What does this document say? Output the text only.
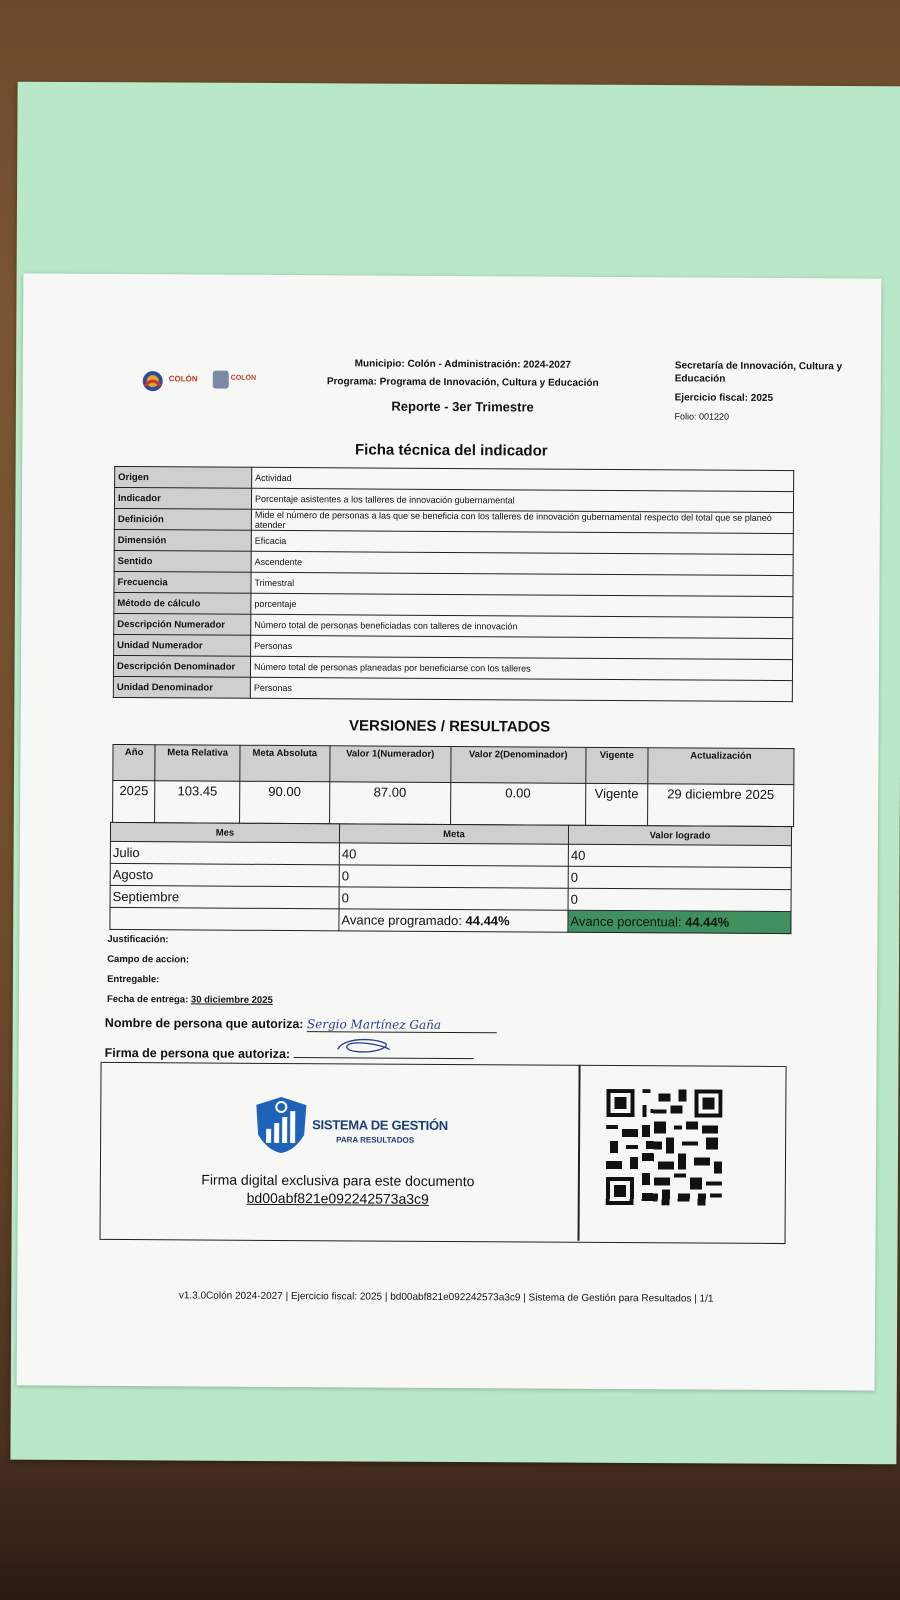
COLÓN	COLÓN
Municipio: Colón - Administración: 2024-2027
Programa: Programa de Innovación, Cultura y Educación
Reporte - 3er Trimestre
Secretaría de Innovación, Cultura y Educación
Ejercicio fiscal: 2025
Folio: 001220
Ficha técnica del indicador
Origen	Actividad
Indicador	Porcentaje asistentes a los talleres de innovación gubernamental
Definición	Mide el número de personas a las que se beneficia con los talleres de innovación gubernamental respecto del total que se planeó atender
Dimensión	Eficacia
Sentido	Ascendente
Frecuencia	Trimestral
Método de cálculo	porcentaje
Descripción Numerador	Número total de personas beneficiadas con talleres de innovación
Unidad Numerador	Personas
Descripción Denominador	Número total de personas planeadas por beneficiarse con los talleres
Unidad Denominador	Personas
VERSIONES / RESULTADOS
Año	Meta Relativa	Meta Absoluta	Valor 1(Numerador)	Valor 2(Denominador)	Vigente	Actualización
2025	103.45	90.00	87.00	0.00	Vigente	29 diciembre 2025
Mes	Meta	Valor logrado
Julio	40	40
Agosto	0	0
Septiembre	0	0
	Avance programado: 44.44%	Avance porcentual: 44.44%
Justificación:
Campo de accion:
Entregable:
Fecha de entrega: 30 diciembre 2025
Nombre de persona que autoriza: Sergio Martínez Gaña
Firma de persona que autoriza:
SISTEMA DE GESTIÓN
PARA RESULTADOS
Firma digital exclusiva para este documento
bd00abf821e092242573a3c9
v1.3.0Colón 2024-2027 | Ejercicio fiscal: 2025 | bd00abf821e092242573a3c9 | Sistema de Gestión para Resultados | 1/1
